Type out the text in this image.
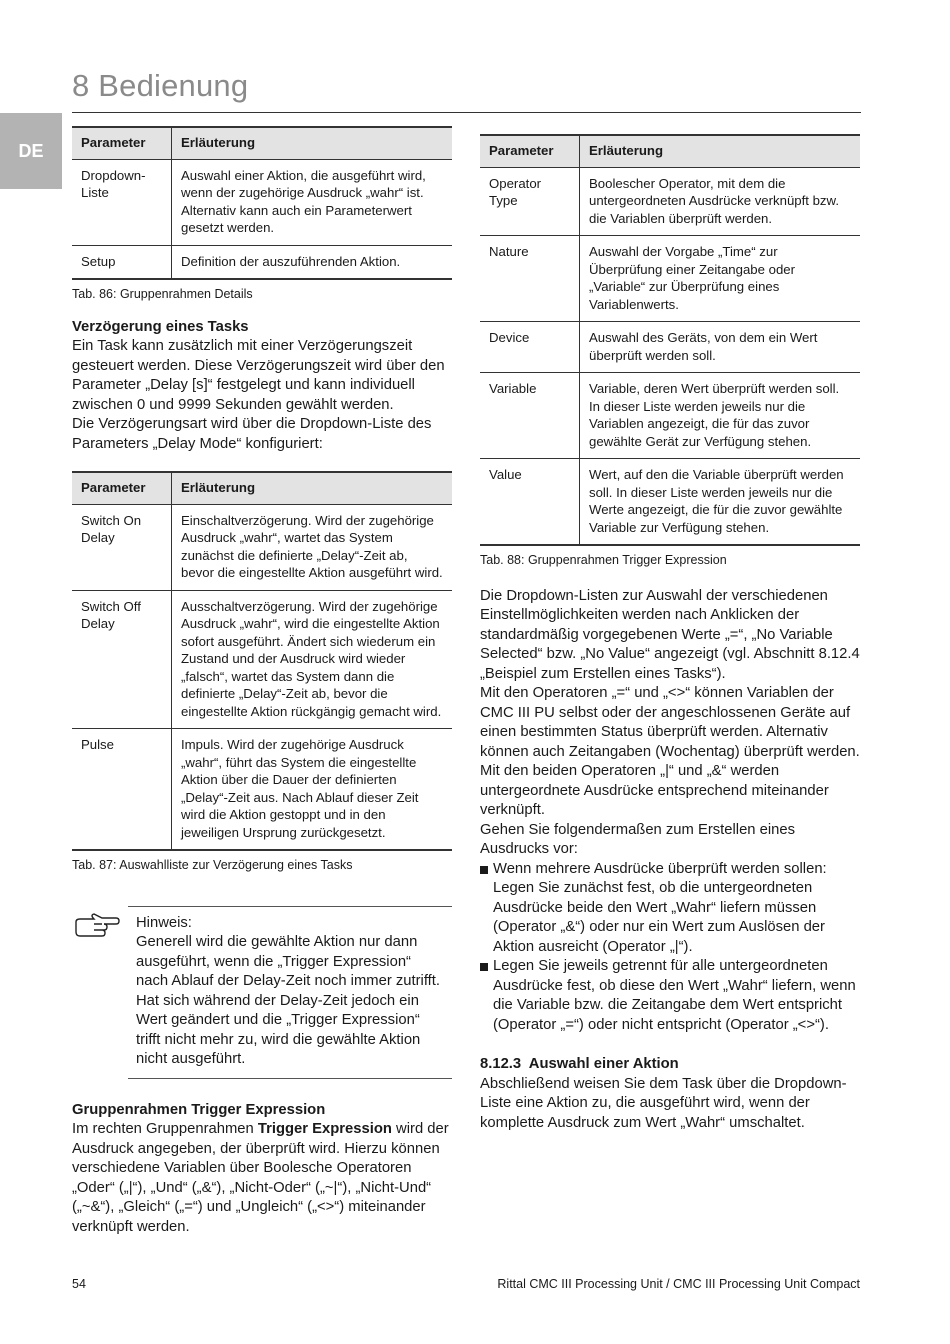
8 Bedienung
DE	Parameter	Erläuterung
Dropdown-
Liste	Auswahl einer Aktion, die ausgeführt wird, wenn der zugehörige Ausdruck „wahr“ ist. Alternativ kann auch ein Parameterwert gesetzt werden.
Setup	Definition der auszuführenden Aktion.
Tab. 86: Gruppenrahmen Details

Verzögerung eines Tasks

Ein Task kann zusätzlich mit einer Verzögerungszeit gesteuert werden. Diese Verzögerungszeit wird über den Parameter „Delay [s]“ festgelegt und kann individuell zwischen 0 und 9999 Sekunden gewählt werden.

Die Verzögerungsart wird über die Dropdown-Liste des Parameters „Delay Mode“ konfiguriert:

Parameter	Erläuterung
Switch On
Delay	Einschaltverzögerung. Wird der zugehörige Ausdruck „wahr“, wartet das System zunächst die definierte „Delay“-Zeit ab, bevor die eingestellte Aktion ausgeführt wird.
Switch Off
Delay	Ausschaltverzögerung. Wird der zugehörige Ausdruck „wahr“, wird die eingestellte Aktion sofort ausgeführt. Ändert sich wiederum ein Zustand und der Ausdruck wird wieder „falsch“, wartet das System dann die definierte „Delay“-Zeit ab, bevor die eingestellte Aktion rückgängig gemacht wird.
Pulse	Impuls. Wird der zugehörige Ausdruck „wahr“, führt das System die eingestellte Aktion über die Dauer der definierten „Delay“-Zeit aus. Nach Ablauf dieser Zeit wird die Aktion gestoppt und in den jeweiligen Ursprung zurückgesetzt.
Tab. 87: Auswahlliste zur Verzögerung eines Tasks

Hinweis:

Generell wird die gewählte Aktion nur dann ausgeführt, wenn die „Trigger Expression“ nach Ablauf der Delay-Zeit noch immer zutrifft. Hat sich während der Delay-Zeit jedoch ein Wert geändert und die „Trigger Expression“ trifft nicht mehr zu, wird die gewählte Aktion nicht ausgeführt.

Gruppenrahmen Trigger Expression

Im rechten Gruppenrahmen Trigger Expression wird der Ausdruck angegeben, der überprüft wird. Hierzu können verschiedene Variablen über Boolesche Operatoren „Oder“ („|“), „Und“ („&“), „Nicht-Oder“ („~|“), „Nicht-Und“ („~&“), „Gleich“ („=“) und „Ungleich“ („<>“) miteinander verknüpft werden.

Parameter	Erläuterung
Operator
Type	Boolescher Operator, mit dem die untergeordneten Ausdrücke verknüpft bzw. die Variablen überprüft werden.
Nature	Auswahl der Vorgabe „Time“ zur Überprüfung einer Zeitangabe oder „Variable“ zur Überprüfung eines Variablenwerts.
Device	Auswahl des Geräts, von dem ein Wert überprüft werden soll.
Variable	Variable, deren Wert überprüft werden soll. In dieser Liste werden jeweils nur die Variablen angezeigt, die für das zuvor gewählte Gerät zur Verfügung stehen.
Value	Wert, auf den die Variable überprüft werden soll. In dieser Liste werden jeweils nur die Werte angezeigt, die für die zuvor gewählte Variable zur Verfügung stehen.
Tab. 88: Gruppenrahmen Trigger Expression

Die Dropdown-Listen zur Auswahl der verschiedenen Einstellmöglichkeiten werden nach Anklicken der standardmäßig vorgegebenen Werte „=“, „No Variable Selected“ bzw. „No Value“ angezeigt (vgl. Abschnitt 8.12.4 „Beispiel zum Erstellen eines Tasks“).

Mit den Operatoren „=“ und „<>“ können Variablen der CMC III PU selbst oder der angeschlossenen Geräte auf einen bestimmten Status überprüft werden. Alternativ können auch Zeitangaben (Wochentag) überprüft werden.

Mit den beiden Operatoren „|“ und „&“ werden untergeordnete Ausdrücke entsprechend miteinander verknüpft.

Gehen Sie folgendermaßen zum Erstellen eines Ausdrucks vor:

Wenn mehrere Ausdrücke überprüft werden sollen: Legen Sie zunächst fest, ob die untergeordneten Ausdrücke beide den Wert „Wahr“ liefern müssen (Operator „&“) oder nur ein Wert zum Auslösen der Aktion ausreicht (Operator „|“).
Legen Sie jeweils getrennt für alle untergeordneten Ausdrücke fest, ob diese den Wert „Wahr“ liefern, wenn die Variable bzw. die Zeitangabe dem Wert entspricht (Operator „=“) oder nicht entspricht (Operator „<>“).

8.12.3  Auswahl einer Aktion

Abschließend weisen Sie dem Task über die Dropdown-Liste eine Aktion zu, die ausgeführt wird, wenn der komplette Ausdruck zum Wert „Wahr“ umschaltet.

54	Rittal CMC III Processing Unit / CMC III Processing Unit Compact
